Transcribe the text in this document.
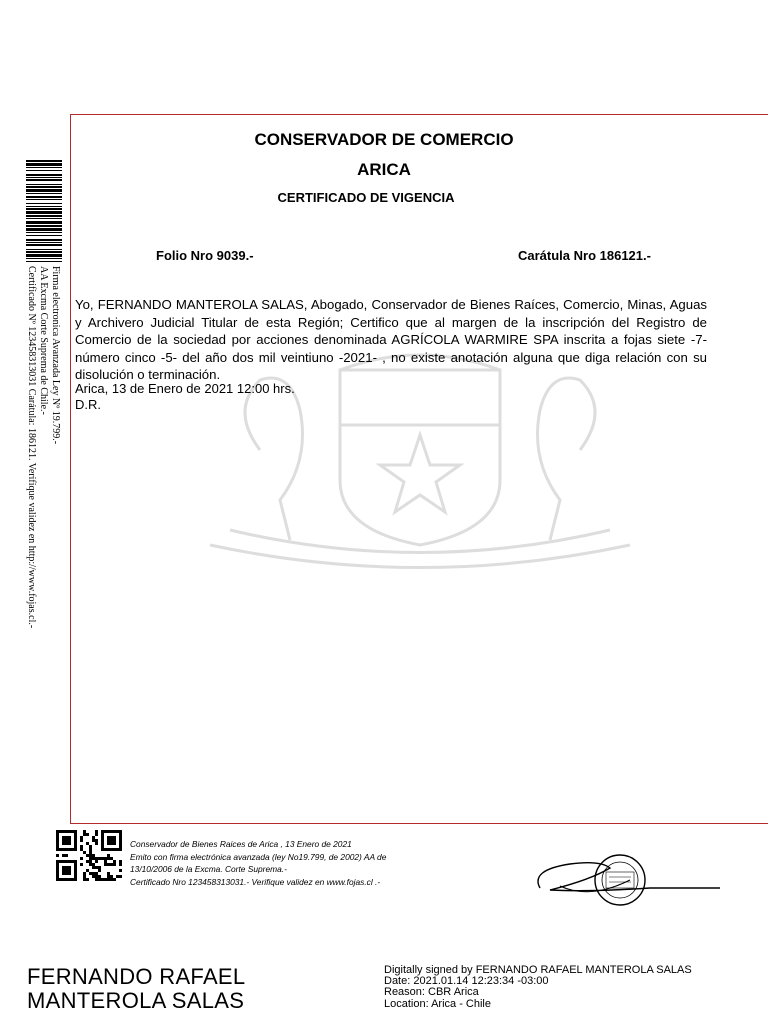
Firma electronica Avanzada Ley Nº 19.799.-
AA Excma Corte Suprema de Chile.-
Certificado Nº 123458313031 Carátula: 186121. Verifique validez en http://www.fojas.cl.-
CONSERVADOR DE COMERCIO
ARICA
CERTIFICADO DE VIGENCIA
Folio Nro 9039.-	Carátula Nro 186121.-
Yo, FERNANDO MANTEROLA SALAS, Abogado, Conservador de Bienes Raíces, Comercio, Minas, Aguas y Archivero Judicial Titular de esta Región; Certifico que al margen de la inscripción del Registro de Comercio de la sociedad por acciones denominada AGRÍCOLA WARMIRE SPA inscrita a fojas siete -7- número cinco -5- del año dos mil veintiuno -2021- , no existe anotación alguna que diga relación con su disolución o terminación.
Arica, 13 de Enero de 2021 12:00 hrs.
D.R.
Conservador de Bienes Raices de Arica , 13 Enero de 2021
Emito con firma electrónica avanzada (ley No19.799, de 2002) AA de
13/10/2006 de la Excma. Corte Suprema.-
Certificado Nro 123458313031.- Verifique validez en www.fojas.cl .-
FERNANDO RAFAEL
MANTEROLA SALAS
Digitally signed by FERNANDO RAFAEL MANTEROLA SALAS
Date: 2021.01.14 12:23:34 -03:00
Reason: CBR Arica
Location: Arica - Chile
